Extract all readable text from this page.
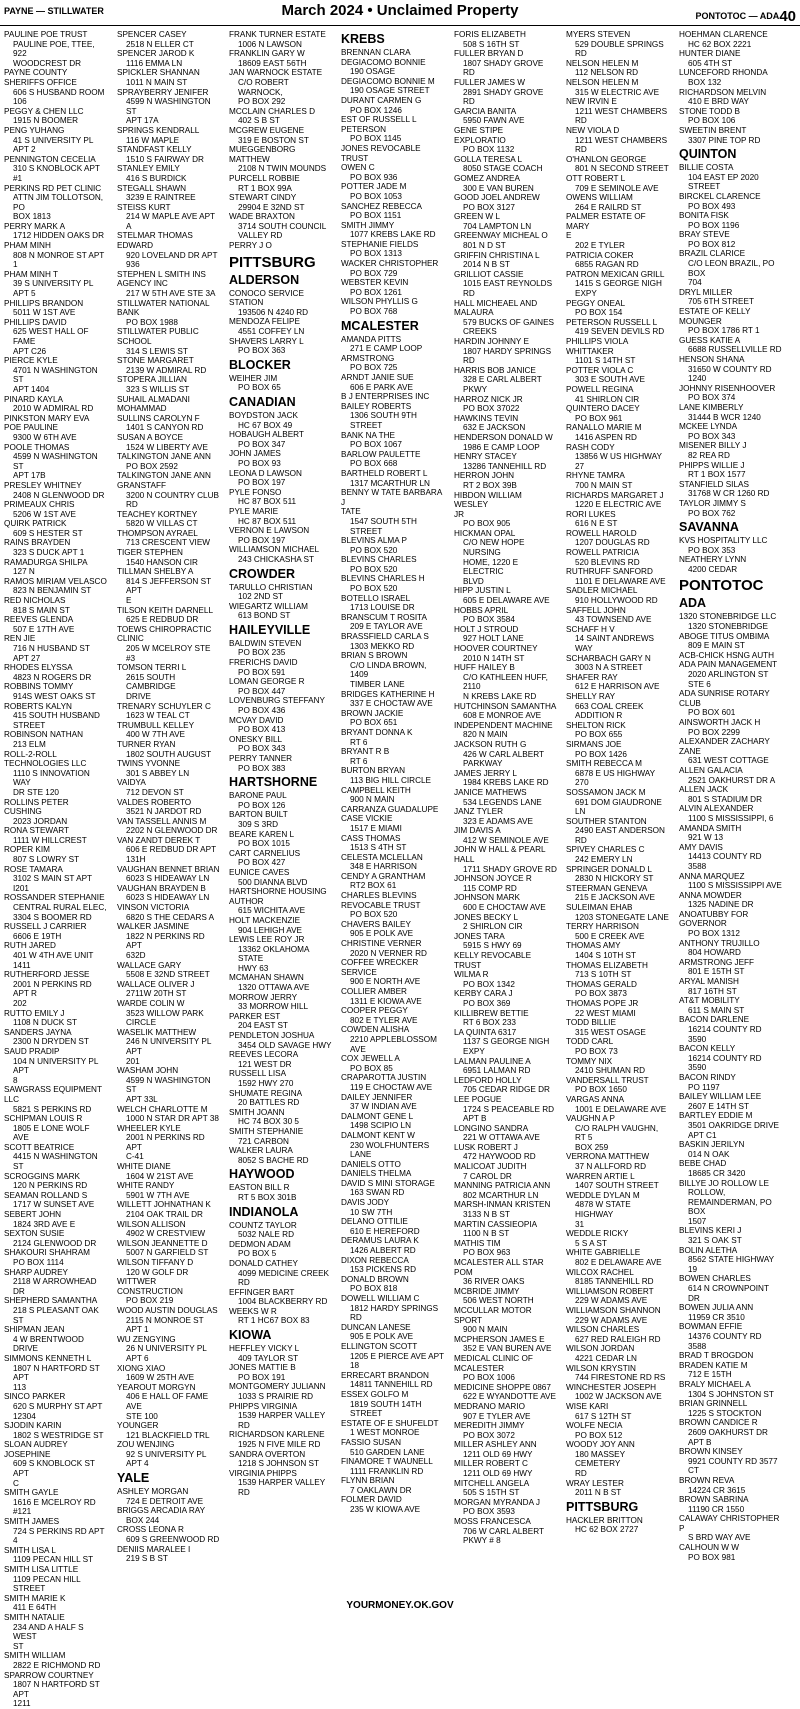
PAYNE — STILLWATER	March 2024 • Unclaimed Property	PONTOTOC — ADA40
PAULINE POE TRUST
PAULINE POE, TTEE, 922
WOODCREST DR
PAYNE COUNTY SHERIFFS OFFICE
606 S HUSBAND ROOM 106
PEGGY & CHEN LLC
1915 N BOOMER
PENG YUHANG
41 S UNIVERSITY PL APT 2
PENNINGTON CECELIA
310 S KNOBLOCK APT #1
PERKINS RD PET CLINIC
ATTN JIM TOLLOTSON, PO
BOX 1813
PERRY MARK A
1712 HIDDEN OAKS DR
PHAM MINH
808 N MONROE ST APT 1
PHAM MINH T
39 S UNIVERSITY PL APT 5
PHILLIPS BRANDON
5011 W 1ST AVE
PHILLIPS DAVID
625 WEST HALL OF FAME
APT C26
PIERCE KYLE
4701 N WASHINGTON ST
APT 1404
PINARD KAYLA
2010 W ADMIRAL RD
PINKSTON MARY EVA
POE PAULINE
9300 W 6TH AVE
POOLE THOMAS
4599 N WASHINGTON ST
APT 17B
PRESLEY WHITNEY
2408 N GLENWOOD DR
PRIMEAUX CHRIS
5206 W 1ST AVE
QUIRK PATRICK
609 S HESTER ST
RAINS BRAYDEN
323 S DUCK APT 1
RAMADURGA SHILPA
127 N
RAMOS MIRIAM VELASCO
823 N BENJAMIN ST
RED NICHOLAS
818 S MAIN ST
REEVES GLENDA
507 E 17TH AVE
REN JIE
716 N HUSBAND ST APT 27
RHODES ELYSSA
4823 N ROGERS DR
ROBBINS TOMMY
914S WEST OAKS ST
ROBERTS KALYN
415 SOUTH HUSBAND
STREET
ROBINSON NATHAN
213 ELM
ROLL-2-ROLL
TECHNOLOGIES LLC
1110 S INNOVATION WAY
DR STE 120
ROLLINS PETER CUSHING
2023 JORDAN
RONA STEWART
1111 W HILLCREST
ROPER KIM
807 S LOWRY ST
ROSE TAMARA
3102 S MAIN ST APT I201
ROSSANDER STEPHANIE
CENTRAL RURAL ELEC,
3304 S BOOMER RD
RUSSELL J CARRIER
6606 E 19TH
RUTH JARED
401 W 4TH AVE UNIT 1411
RUTHERFORD JESSE
2001 N PERKINS RD APT R
202
RUTTO EMILY J
1108 N DUCK ST
SANDERS JAYNA
2300 N DRYDEN ST
SAUD PRADIP
104 N UNIVERSITY PL APT
8
SAWGRASS EQUIPMENT
LLC
5821 S PERKINS RD
SCHIPMAN LOUIS R
1805 E LONE WOLF AVE
SCOTT BEATRICE
4415 N WASHINGTON ST
SCROGGINS MARK
120 N PERKINS RD
SEAMAN ROLLAND S
1717 W SUNSET AVE
SEBERT JOHN
1824 3RD AVE E
SEXTON SUSIE
2124 GLENWOOD DR
SHAKOURI SHAHRAM
PO BOX 1114
SHARP AUDREY
2118 W ARROWHEAD DR
SHEPHERD SAMANTHA
218 S PLEASANT OAK ST
SHIPMAN JEAN
4 W BRENTWOOD DRIVE
SIMMONS KENNETH L
1807 N HARTFORD ST APT
113
SINCO PARKER
620 S MURPHY ST APT
12304
SJODIN KARIN
1802 S WESTRIDGE ST
SLOAN AUDREY JOSEPHINE
609 S KNOBLOCK ST APT
C
SMITH GAYLE
1616 E MCELROY RD #121
SMITH JAMES
724 S PERKINS RD APT 4
SMITH LISA L
1109 PECAN HILL ST
SMITH LISA LITTLE
1109 PECAN HILL STREET
SMITH MARIE K
411 E 64TH
SMITH NATALIE
234 AND A HALF S WEST
ST
SMITH WILLIAM
2822 E RICHMOND RD
SPARROW COURTNEY
1807 N HARTFORD ST APT
1211
SPENCER CASEY
2518 N ELLER CT
SPENCER JAROD K
1116 EMMA LN
SPICKLER SHANNAN
1011 N MAIN ST
SPRAYBERRY JENIFER
4599 N WASHINGTON ST
APT 17A
SPRINGS KENDRALL
116 W MAPLE
STANDFAST KELLY
1510 S FAIRWAY DR
STANLEY EMILY
416 S BURDICK
STEGALL SHAWN
3239 E RAINTREE
STEISS KURT
214 W MAPLE AVE APT A
STELMAR THOMAS
EDWARD
920 LOVELAND DR APT
936
STEPHEN L SMITH INS
AGENCY INC
217 W 5TH AVE STE 3A
STILLWATER NATIONAL
BANK
PO BOX 1988
STILLWATER PUBLIC
SCHOOL
314 S LEWIS ST
STONE MARGARET
2139 W ADMIRAL RD
STOPERA JILLIAN
323 S WILLIS ST
SUHAIL ALMADANI
MOHAMMAD
SULLINS CAROLYN F
1401 S CANYON RD
SUSAN A BOYCE
1524 W LIBERTY AVE
TALKINGTON JANE ANN
PO BOX 2592
TALKINGTON JANE ANN
GRANSTAFF
3200 N COUNTRY CLUB
RD
TEACHEY KORTNEY
5820 W VILLAS CT
THOMPSON AYRAEL
713 CRESCENT VIEW
TIGER STEPHEN
1540 HANSON CIR
TILLMAN SHELBY A
814 S JEFFERSON ST APT
E
TILSON KEITH DARNELL
625 E REDBUD DR
TOEWS CHIROPRACTIC
CLINIC
205 W MCELROY STE #3
TOMSON TERRI L
2615 SOUTH CAMBRIDGE
DRIVE
TRENARY SCHUYLER C
1623 W TEAL CT
TRUMBULL KELLEY
400 W 7TH AVE
TURNER RYAN
1802 SOUTH AUGUST
TWINS YVONNE
301 S ABBEY LN
VAIDYA
712 DEVON ST
VALDES ROBERTO
3521 N JARDOT RD
VAN TASSELL ANNIS M
2202 N GLENWOOD DR
VAN ZANDT DEREK T
606 E REDBUD DR APT
131H
VAUGHAN BENNET BRIAN
6023 S HIDEAWAY LN
VAUGHAN BRAYDEN B
6023 S HIDEAWAY LN
VINSON VICTORIA
6820 S THE CEDARS A
WALKER JASMINE
1822 N PERKINS RD APT
632D
WALLACE GARY
5508 E 32ND STREET
WALLACE OLIVER J
2711W 20TH ST
WARDE COLIN W
3523 WILLOW PARK
CIRCLE
WASELIK MATTHEW
246 N UNIVERSITY PL APT
201
WASHAM JOHN
4599 N WASHINGTON ST
APT 33L
WELCH CHARLOTTE M
1000 N STAR DR APT 38
WHEELER KYLE
2001 N PERKINS RD APT
C-41
WHITE DIANE
1604 W 21ST AVE
WHITE RANDY
5901 W 7TH AVE
WILLETT JOHNATHAN K
2104 OAK TRAIL DR
WILSON ALLISON
4902 W CRESTVIEW
WILSON JEANNETTE D
5007 N GARFIELD ST
WILSON TIFFANY D
120 W GOLF DR
WITTWER CONSTRUCTION
PO BOX 219
WOOD AUSTIN DOUGLAS
2115 N MONROE ST APT 1
WU ZENGYING
26 N UNIVERSITY PL APT 6
XIONG XIAO
1609 W 25TH AVE
YEAROUT MORGYN
406 E HALL OF FAME AVE
STE 100
YOUNGER
121 BLACKFIELD TRL
ZOU WENJING
92 S UNIVERSITY PL APT 4
YALE
ASHLEY MORGAN
724 E DETROIT AVE
BRIGGS ARCADIA RAY
BOX 244
CROSS LEONA R
609 S GREENWOOD RD
DENIIS MARALEE I
219 S B ST
FRANK TURNER ESTATE
1006 N LAWSON
FRANKLIN GARY W
18609 EAST 56TH
JAN WARNOCK ESTATE
C/O ROBERT WARNOCK,
PO BOX 292
MCCLAIN CHARLES D
402 S B ST
MCGREW EUGENE
319 E BOSTON ST
MUEGGENBORG MATTHEW
2108 N TWIN MOUNDS
PURCELL ROBBIE
RT 1 BOX 99A
STEWART CINDY
29904 E 32ND ST
WADE BRAXTON
3714 SOUTH COUNCIL
VALLEY RD
PERRY J O
PITTSBURG
ALDERSON
CONOCO SERVICE STATION
193506 N 4240 RD
MENDOZA FELIPE
4551 COFFEY LN
SHAVERS LARRY L
PO BOX 363
BLOCKER
WEIHER JIM
PO BOX 65
CANADIAN
BOYDSTON JACK
HC 67 BOX 49
HOBAUGH ALBERT
PO BOX 347
JOHN JAMES
PO BOX 93
LEONA D LAWSON
PO BOX 197
PYLE FONSO
HC 87 BOX 511
PYLE MARIE
HC 87 BOX 511
VERNON E LAWSON
PO BOX 197
WILLIAMSON MICHAEL
243 CHICKASHA ST
CROWDER
TARULLO CHRISTIAN
102 2ND ST
WIEGARTZ WILLIAM
613 BOND ST
HAILEYVILLE
BALDWIN STEVEN
PO BOX 235
FRERICHS DAVID
PO BOX 591
LOMAN GEORGE R
PO BOX 447
LOVENBURG STEFFANY
PO BOX 436
MCVAY DAVID
PO BOX 413
ONESKY BILL
PO BOX 343
PERRY TANNER
PO BOX 383
HARTSHORNE
BARONE PAUL
PO BOX 126
BARTON BUILT
309 S 3RD
BEARE KAREN L
PO BOX 1015
CART CARNELIUS
PO BOX 427
EUNICE CAVES
500 DIANNA BLVD
HARTSHORNE HOUSING
AUTHOR
615 WICHITA AVE
HOLT MACKENZIE
904 LEHIGH AVE
LEWIS LEE ROY JR
13362 OKLAHOMA STATE
HWY 63
MCMAHAN SHAWN
1320 OTTAWA AVE
MORROW JERRY
33 MORROW HILL
PARKER EST
204 EAST ST
PENDLETON JOSHUA
3454 OLD SAVAGE HWY
REEVES LECORA
121 WEST DR
RUSSELL LISA
1592 HWY 270
SHUMATE REGINA
20 BATTLES RD
SMITH JOANN
HC 74 BOX 30 5
SMITH STEPHANIE
721 CARBON
WALKER LAURA
8052 S BACHE RD
HAYWOOD
EASTON BILL R
RT 5 BOX 301B
INDIANOLA
COUNTZ TAYLOR
5032 NALE RD
DEDMON ADAM
PO BOX 5
DONALD CATHEY
4099 MEDICINE CREEK RD
EFFINGER BART
1004 BLACKBERRY RD
WEEKS W R
RT 1 HC67 BOX 83
KIOWA
HEFFLEY VICKY L
409 TAYLOR ST
JONES MATTIE B
PO BOX 191
MONTGOMERY JULIANN
1033 S PRAIRIE RD
PHIPPS VIRGINIA
1539 HARPER VALLEY RD
RICHARDSON KARLENE
1925 N FIVE MILE RD
SANDRA OVERTON
1218 S JOHNSON ST
VIRGINIA PHIPPS
1539 HARPER VALLEY RD
KREBS
BRENNAN CLARA
DEGIACOMO BONNIE
190 OSAGE
DEGIACOMO BONNIE M
190 OSAGE STREET
DURANT CARMEN G
PO BOX 1246
EST OF RUSSELL L
PETERSON
PO BOX 1145
JONES REVOCABLE TRUST
OWEN C
PO BOX 936
POTTER JADE M
PO BOX 1053
SANCHEZ REBECCA
PO BOX 1151
SMITH JIMMY
1077 KREBS LAKE RD
STEPHANIE FIELDS
PO BOX 1313
WACKER CHRISTOPHER
PO BOX 729
WEBSTER KEVIN
PO BOX 1261
WILSON PHYLLIS G
PO BOX 768
MCALESTER
AMANDA PITTS
271 E CAMP LOOP
ARMSTRONG
PO BOX 725
ARNDT JANIE SUE
606 E PARK AVE
B J ENTERPRISES INC
BAILEY ROBERTS
1306 SOUTH 9TH STREET
BANK NA THE
PO BOX 1067
BARLOW PAULETTE
PO BOX 668
BARTHELD ROBERT L
1317 MCARTHUR LN
BENNY W TATE BARBARA J
TATE
1547 SOUTH 5TH STREET
BLEVINS ALMA P
PO BOX 520
BLEVINS CHARLES
PO BOX 520
BLEVINS CHARLES H
PO BOX 520
BOTELLO ISRAEL
1713 LOUISE DR
BRANSCUM T ROSITA
209 E TAYLOR AVE
BRASSFIELD CARLA S
1303 MEKKO RD
BRIAN S BROWN
C/O LINDA BROWN, 1409
TIMBER LANE
BRIDGES KATHERINE H
337 E CHOCTAW AVE
BROWN JACKIE
PO BOX 651
BRYANT DONNA K
RT 6
BRYANT R B
RT 6
BURTON BRYAN
113 BIG HILL CIRCLE
CAMPBELL KEITH
900 N MAIN
CARRANZA GUADALUPE
CASE VICKIE
1517 E MIAMI
CASS THOMAS
1513 S 4TH ST
CELESTA MCLELLAN
348 E HARRISON
CENDY A GRANTHAM
RT2 BOX 61
CHARLES BLEVINS
REVOCABLE TRUST
PO BOX 520
CHAVERS BAILEY
905 E POLK AVE
CHRISTINE VERNER
2020 N VERNER RD
COFFEE WRECKER
SERVICE
900 E NORTH AVE
COLLIER AMBER
1311 E KIOWA AVE
COOPER PEGGY
802 E TYLER AVE
COWDEN ALISHA
2210 APPLEBLOSSOM AVE
COX JEWELL A
PO BOX 85
CRAPAROTTA JUSTIN
119 E CHOCTAW AVE
DAILEY JENNIFER
37 W INDIAN AVE
DALMONT GENE L
1498 SCIPIO LN
DALMONT KENT W
230 WOLFHUNTERS LANE
DANIELS OTTO
DANIELS THELMA
DAVID S MINI STORAGE
163 SWAN RD
DAVIS JODY
10 SW 7TH
DELANO OTTILIE
610 E HEREFORD
DERAMUS LAURA K
1426 ALBERT RD
DIXON REBECCA
153 PICKENS RD
DONALD BROWN
PO BOX 818
DOWELL WILLIAM C
1812 HARDY SPRINGS RD
DUNCAN LANESE
905 E POLK AVE
ELLINGTON SCOTT
1205 E PIERCE AVE APT 18
ERRECART BRANDON
14811 TANNEHILL RD
ESSEX GOLFO M
1819 SOUTH 14TH STREET
ESTATE OF E SHUFELDT
1 WEST MONROE
FASSIO SUSAN
510 GARDEN LANE
FINAMORE T WAUNELL
1111 FRANKLIN RD
FLYNN BRIAN
7 OAKLAWN DR
FOLMER DAVID
235 W KIOWA AVE
FORIS ELIZABETH
508 S 16TH ST
FULLER BRYAN D
1807 SHADY GROVE RD
FULLER JAMES W
2891 SHADY GROVE RD
GARCIA BANITA
5950 FAWN AVE
GENE STIPE EXPLORATIO
PO BOX 1132
GOLLA TERESA L
8050 STAGE COACH
GOMEZ ANDREA
300 E VAN BUREN
GOOD JOEL ANDREW
PO BOX 3127
GREEN W L
704 LAMPTON LN
GREENWAY MICHEAL O
801 N D ST
GRIFFIN CHRISTINA L
2014 N B ST
GRILLIOT CASSIE
1015 EAST REYNOLDS RD
HALL MICHEAEL AND
MALAURA
579 BUCKS OF GAINES
CREEKS
HARDIN JOHNNY E
1807 HARDY SPRINGS RD
HARRIS BOB JANICE
328 E CARL ALBERT PKWY
HARROZ NICK JR
PO BOX 37022
HAWKINS TEVIN
632 E JACKSON
HENDERSON DONALD W
1986 E CAMP LOOP
HENRY STACEY
13286 TANNEHILL RD
HERRON JOHN
RT 2 BOX 39B
HIBDON WILLIAM WESLEY
JR
PO BOX 905
HICKMAN OPAL
C/O NEW HOPE NURSING
HOME, 1220 E ELECTRIC
BLVD
HIPP JUSTIN L
605 E DELAWARE AVE
HOBBS APRIL
PO BOX 3584
HOLT J STROUD
927 HOLT LANE
HOOVER COURTNEY
2010 N 14TH ST
HUFF HAILEY B
C/O KATHLEEN HUFF, 2110
N KREBS LAKE RD
HUTCHINSON SAMANTHA
608 E MONROE AVE
INDEPENDENT MACHINE
820 N MAIN
JACKSON RUTH G
426 W CARL ALBERT
PARKWAY
JAMES JERRY L
1984 KREBS LAKE RD
JANICE MATHEWS
534 LEGENDS LANE
JANZ TYLER
323 E ADAMS AVE
JIM DAVIS A
412 W SEMINOLE AVE
JOHN W HALL & PEARL
HALL
1711 SHADY GROVE RD
JOHNSON JOYCE R
115 COMP RD
JOHNSON MARK
600 E CHOCTAW AVE
JONES BECKY L
2 SHIRLON CIR
JONES TARA
5915 S HWY 69
KELLY REVOCABLE TRUST
WILMA R
PO BOX 1342
KERBY CARA J
PO BOX 369
KILLIBREW BETTIE
RT 6 BOX 233
LA QUINTA 6317
1137 S GEORGE NIGH
EXPY
LALMAN PAULINE A
6951 LALMAN RD
LEDFORD HOLLY
705 CEDAR RIDGE DR
LEE POGUE
1724 S PEACEABLE RD
APT B
LONGINO SANDRA
221 W OTTAWA AVE
LUSK ROBERT J
472 HAYWOOD RD
MALICOAT JUDITH
7 CAROL DR
MANNING PATRICIA ANN
802 MCARTHUR LN
MARSH-INMAN KRISTEN
3133 N B ST
MARTIN CASSIEOPIA
1100 N B ST
MATHIS TIM
PO BOX 963
MCALESTER ALL STAR POM
36 RIVER OAKS
MCBRIDE JIMMY
506 WEST NORTH
MCCULLAR MOTOR SPORT
900 N MAIN
MCPHERSON JAMES E
352 E VAN BUREN AVE
MEDICAL CLINIC OF
MCALESTER
PO BOX 1006
MEDICINE SHOPPE 0867
622 E WYANDOTTE AVE
MEDRANO MARIO
907 E TYLER AVE
MEREDITH JIMMY
PO BOX 3072
MILLER ASHLEY ANN
1211 OLD 69 HWY
MILLER ROBERT C
1211 OLD 69 HWY
MITCHELL ANGELA
505 S 15TH ST
MORGAN MYRANDA J
PO BOX 3593
MOSS FRANCESCA
706 W CARL ALBERT
PKWY # 8
MYERS STEVEN
529 DOUBLE SPRINGS RD
NELSON HELEN M
112 NELSON RD
NELSON HELEN M
315 W ELECTRIC AVE
NEW IRVIN E
1211 WEST CHAMBERS RD
NEW VIOLA D
1211 WEST CHAMBERS RD
O'HANLON GEORGE
801 N SECOND STREET
OTT ROBERT L
709 E SEMINOLE AVE
OWENS WILLIAM
264 E RAILRD ST
PALMER ESTATE OF MARY
E
202 E TYLER
PATRICIA COKER
6855 RAGAN RD
PATRON MEXICAN GRILL
1415 S GEORGE NIGH
EXPY
PEGGY ONEAL
PO BOX 154
PETERSON RUSSELL L
419 SEVEN DEVILS RD
PHILLIPS VIOLA WHITTAKER
1101 S 14TH ST
POTTER VIOLA C
303 E SOUTH AVE
POWELL REGINA
41 SHIRLON CIR
QUINTERO DACEY
PO BOX 961
RANALLO MARIE M
1416 ASPEN RD
RASH CODY
13856 W US HIGHWAY 27
RHYNE TAMRA
700 N MAIN ST
RICHARDS MARGARET J
1220 E ELECTRIC AVE
RORI LUKES
616 N E ST
ROWELL HAROLD
1207 DOUGLAS RD
ROWELL PATRICIA
520 BLEVINS RD
RUTHRUFF SANFORD
1101 E DELAWARE AVE
SADLER MICHAEL
910 HOLLYWOOD RD
SAFFELL JOHN
43 TOWNSEND AVE
SCHAFF H V
14 SAINT ANDREWS WAY
SCHARBACH GARY N
3003 N A STREET
SHAFER RAY
612 E HARRISON AVE
SHELLY RAY
663 COAL CREEK
ADDITION R
SHELTON RICK
PO BOX 655
SIRMANS JOE
PO BOX 1426
SMITH REBECCA M
6878 E US HIGHWAY 270
SOSSAMON JACK M
691 DOM GIAUDRONE LN
SOUTHER STANTON
2490 EAST ANDERSON RD
SPIVEY CHARLES C
242 EMERY LN
SPRINGER DONALD L
2830 N HICKORY ST
STEERMAN GENEVA
215 E JACKSON AVE
SULEIMAN EHAB
1203 STONEGATE LANE
TERRY HARRISON
500 E CREEK AVE
THOMAS AMY
1404 S 10TH ST
THOMAS ELIZABETH
713 S 10TH ST
THOMAS GERALD
PO BOX 3873
THOMAS POPE JR
22 WEST MIAMI
TODD BILLIE
315 WEST OSAGE
TODD CARL
PO BOX 73
TOMMY NIX
2410 SHUMAN RD
VANDERSALL TRUST
PO BOX 1650
VARGAS ANNA
1001 E DELAWARE AVE
VAUGHN A P
C/O RALPH VAUGHN, RT 5
BOX 259
VERRONA MATTHEW
37 N ALLFORD RD
WARREN ARTIE L
1407 SOUTH STREET
WEDDLE DYLAN M
4878 W STATE HIGHWAY
31
WEDDLE RICKY
5 S A ST
WHITE GABRIELLE
802 E DELAWARE AVE
WILCOX RACHEL
8185 TANNEHILL RD
WILLIAMSON ROBERT
229 W ADAMS AVE
WILLIAMSON SHANNON
229 W ADAMS AVE
WILSON CHARLES
627 RED RALEIGH RD
WILSON JORDAN
4221 CEDAR LN
WILSON KRYSTIN
744 FIRESTONE RD RS
WINCHESTER JOSEPH
1002 W JACKSON AVE
WISE KARI
617 S 12TH ST
WOLFE NECIA
PO BOX 512
WOODY JOY ANN
180 MASSEY CEMETERY
RD
WRAY LESTER
2011 N B ST
PITTSBURG
HACKLER BRITTON
HC 62 BOX 2727
HOEHMAN CLARENCE
HC 62 BOX 2221
HUNTER DIANE
605 4TH ST
LUNCEFORD RHONDA
BOX 132
RICHARDSON MELVIN
410 E BRD WAY
STONE TODD B
PO BOX 106
SWEETIN BRENT
3307 PINE TOP RD
QUINTON
BILLIE COSTA
104 EAST EP 2020 STREET
BIRCKEL CLARENCE
PO BOX 493
BONITA FISK
PO BOX 1196
BRAY STEVE
PO BOX 812
BRAZIL CLARICE
C/O LEON BRAZIL, PO BOX
704
DRYL MILLER
705 6TH STREET
ESTATE OF KELLY
MOUNGER
PO BOX 1786 RT 1
GUESS KATIE A
6688 RUSSELLVILLE RD
HENSON SHANA
31650 W COUNTY RD 1240
JOHNNY RISENHOOVER
PO BOX 374
LANE KIMBERLY
31444 B WCR 1240
MCKEE LYNDA
PO BOX 343
MISENER BILLY J
82 REA RD
PHIPPS WILLIE J
RT 1 BOX 1577
STANFIELD SILAS
31768 W CR 1260 RD
TAYLOR JIMMY S
PO BOX 762
SAVANNA
KVS HOSPITALITY LLC
PO BOX 353
NEATHERY LYNN
4200 CEDAR
PONTOTOC
ADA
1320 STONEBRIDGE LLC
1320 STONEBRIDGE
ABOGE TITUS OMBIMA
809 E MAIN ST
ACB-CHICK HSNG AUTH
ADA PAIN MANAGEMENT
2020 ARLINGTON ST STE 6
ADA SUNRISE ROTARY
CLUB
PO BOX 601
AINSWORTH JACK H
PO BOX 2299
ALEXANDER ZACHARY
ZANE
631 WEST COTTAGE
ALLEN GALACIA
2521 OAKHURST DR A
ALLEN JACK
801 S STADIUM DR
ALVIN ALEXANDER
1100 S MISSISSIPPI, 6
AMANDA SMITH
921 W 13
AMY DAVIS
14413 COUNTY RD 3588
ANNA MARQUEZ
1100 S MISSISSIPPI AVE
ANNA MOWDER
1325 NADINE DR
ANOATUBBY FOR
GOVERNOR
PO BOX 1312
ANTHONY TRUJILLO
804 HOWARD
ARMSTRONG JEFF
801 E 15TH ST
ARYAL MANISH
817 16TH ST
AT&T MOBILITY
611 S MAIN ST
BACON DARLENE
16214 COUNTY RD 3590
BACON KELLY
16214 COUNTY RD 3590
BACON RINDY
PO 1197
BAILEY WILLIAM LEE
2607 E 14TH ST
BARTLEY EDDIE M
3501 OAKRIDGE DRIVE
APT C1
BASKIN JERILYN
014 N OAK
BEBE CHAD
18685 CR 3420
BILLYE JO ROLLOW LE
ROLLOW,
REMAINDERMAN, PO BOX
1507
BLEVINS KERI J
321 S OAK ST
BOLIN ALETHA
8562 STATE HIGHWAY 19
BOWEN CHARLES
614 N CROWNPOINT DR
BOWEN JULIA ANN
11959 CR 3510
BOWMAN EFFIE
14376 COUNTY RD 3588
BRAD T BROGDON
BRADEN KATIE M
712 E 15TH
BRALY MICHAEL A
1304 S JOHNSTON ST
BRIAN GRINNELL
1225 S STOCKTON
BROWN CANDICE R
2609 OAKHURST DR APT B
BROWN KINSEY
9921 COUNTY RD 3577 CT
BROWN REVA
14224 CR 3615
BROWN SABRINA
11190 CR 1550
CALAWAY CHRISTOPHER P
S BRD WAY AVE
CALHOUN W W
PO BOX 981
YOURMONEY.OK.GOV
